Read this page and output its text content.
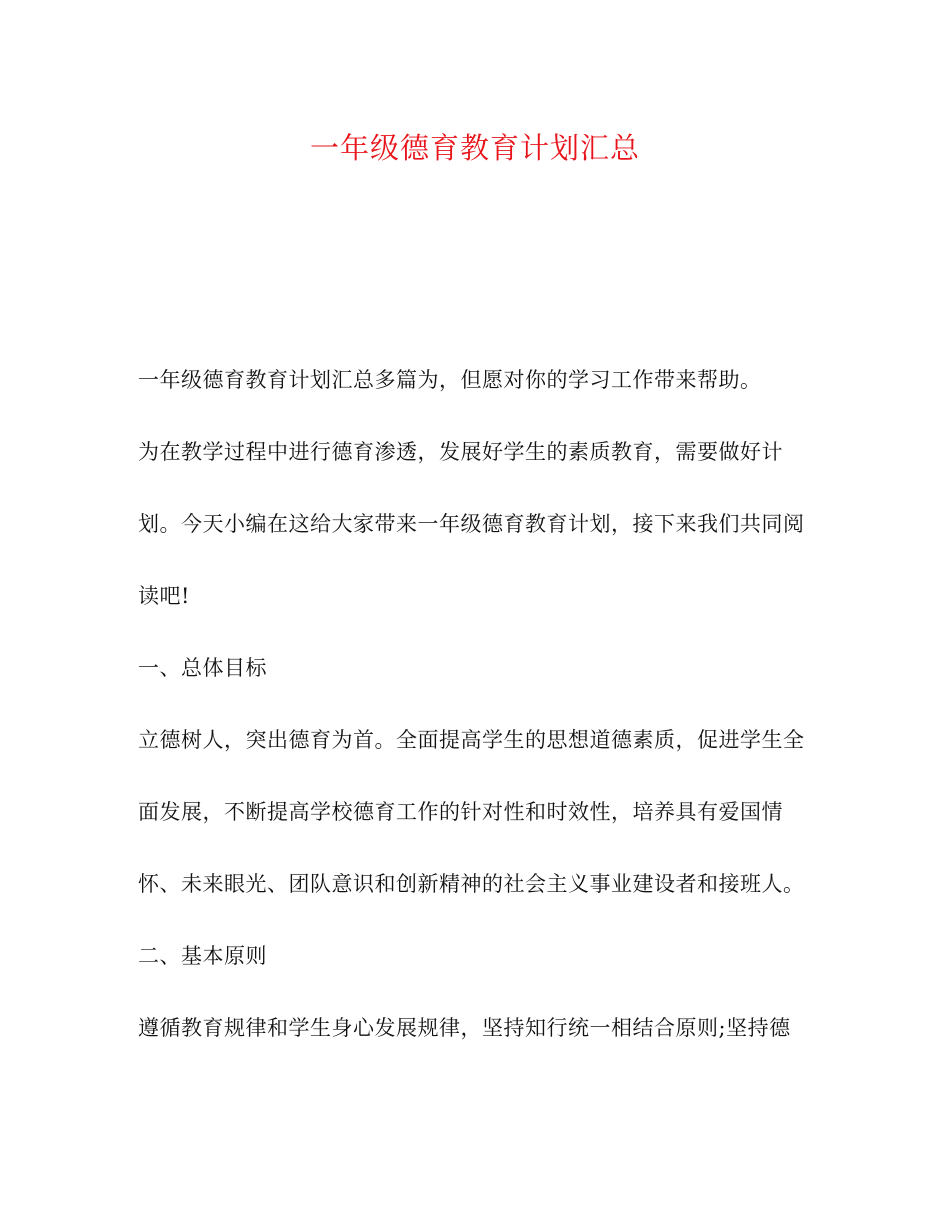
一年级德育教育计划汇总
一年级德育教育计划汇总多篇为，但愿对你的学习工作带来帮助。
为在教学过程中进行德育渗透，发展好学生的素质教育，需要做好计
划。今天小编在这给大家带来一年级德育教育计划，接下来我们共同阅
读吧!
一、总体目标
立德树人，突出德育为首。全面提高学生的思想道德素质，促进学生全
面发展，不断提高学校德育工作的针对性和时效性，培养具有爱国情
怀、未来眼光、团队意识和创新精神的社会主义事业建设者和接班人。
二、基本原则
遵循教育规律和学生身心发展规律，坚持知行统一相结合原则;坚持德
